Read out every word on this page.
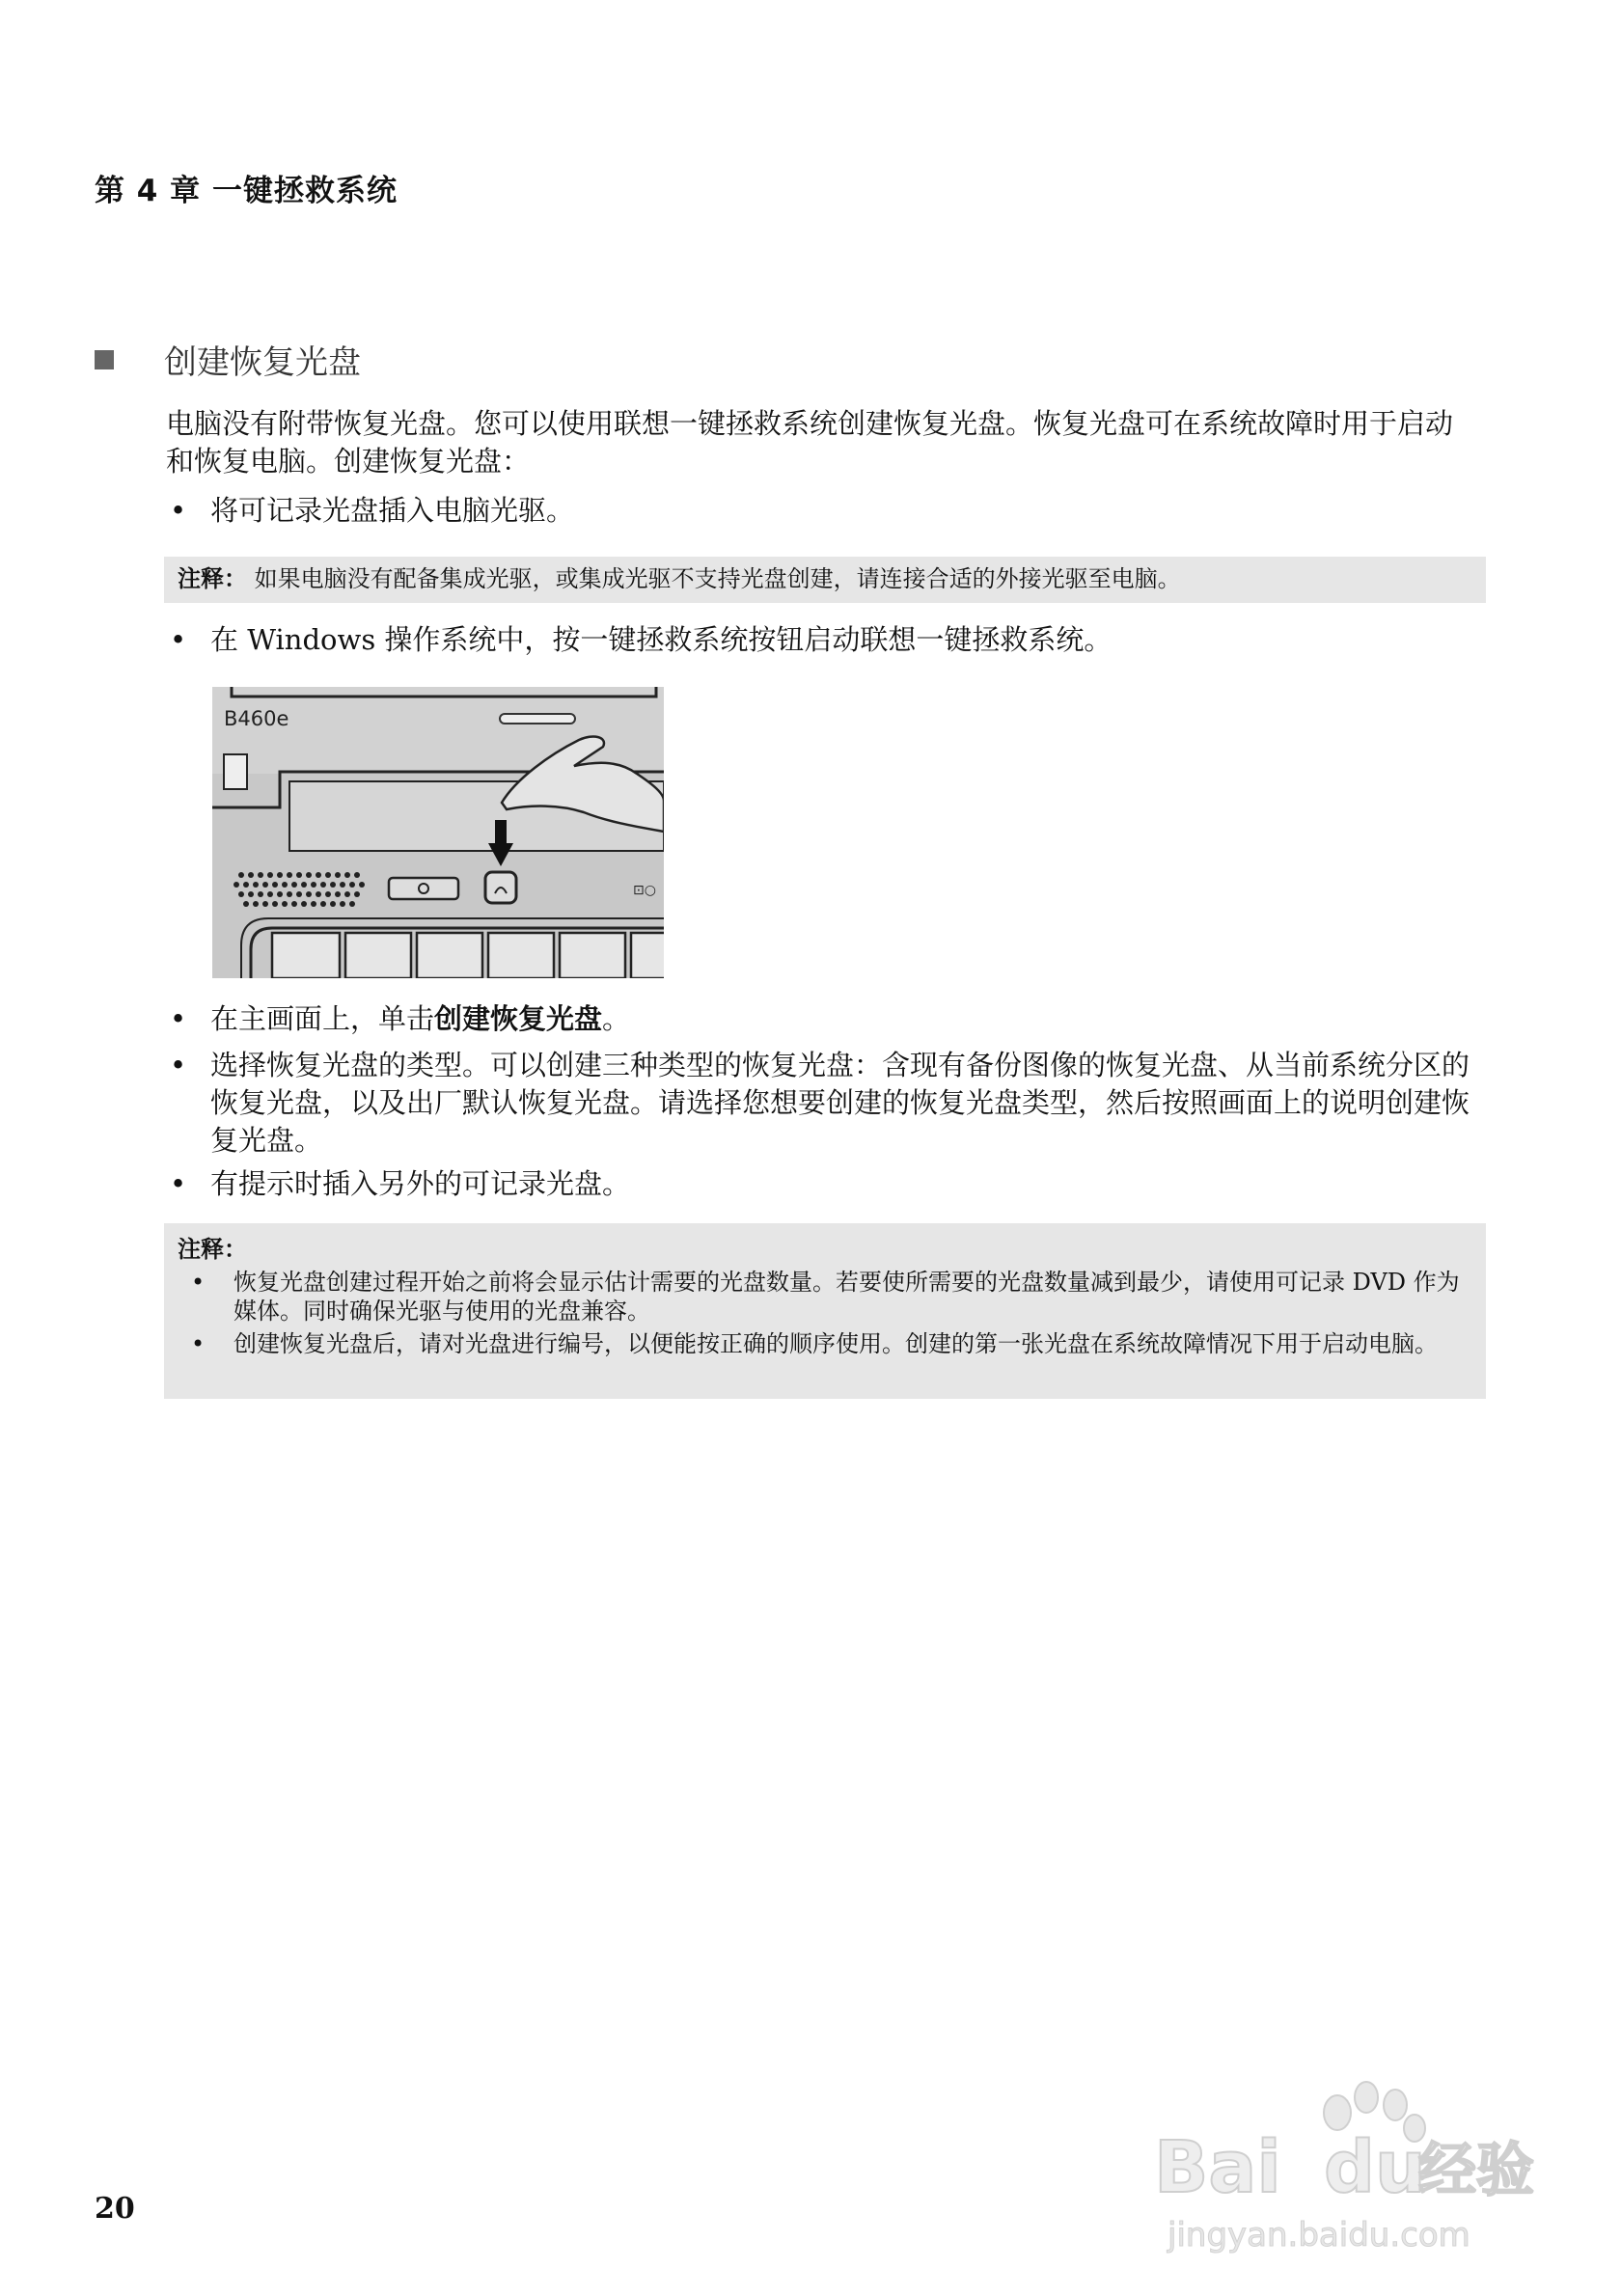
第 4 章 一键拯救系统
创建恢复光盘
电脑没有附带恢复光盘。您可以使用联想一键拯救系统创建恢复光盘。恢复光盘可在系统故障时用于启动和恢复电脑。创建恢复光盘：
• 将可记录光盘插入电脑光驱。
注释： 如果电脑没有配备集成光驱，或集成光驱不支持光盘创建，请连接合适的外接光驱至电脑。
• 在 Windows 操作系统中，按一键拯救系统按钮启动联想一键拯救系统。
B460e
⊡○
• 在主画面上，单击创建恢复光盘。
• 选择恢复光盘的类型。可以创建三种类型的恢复光盘：含现有备份图像的恢复光盘、从当前系统分区的恢复光盘，以及出厂默认恢复光盘。请选择您想要创建的恢复光盘类型，然后按照画面上的说明创建恢复光盘。
• 有提示时插入另外的可记录光盘。
注释：
• 恢复光盘创建过程开始之前将会显示估计需要的光盘数量。若要使所需要的光盘数量减到最少，请使用可记录 DVD 作为媒体。同时确保光驱与使用的光盘兼容。
• 创建恢复光盘后，请对光盘进行编号，以便能按正确的顺序使用。创建的第一张光盘在系统故障情况下用于启动电脑。
20	Bai du
经验
jingyan.baidu.com
